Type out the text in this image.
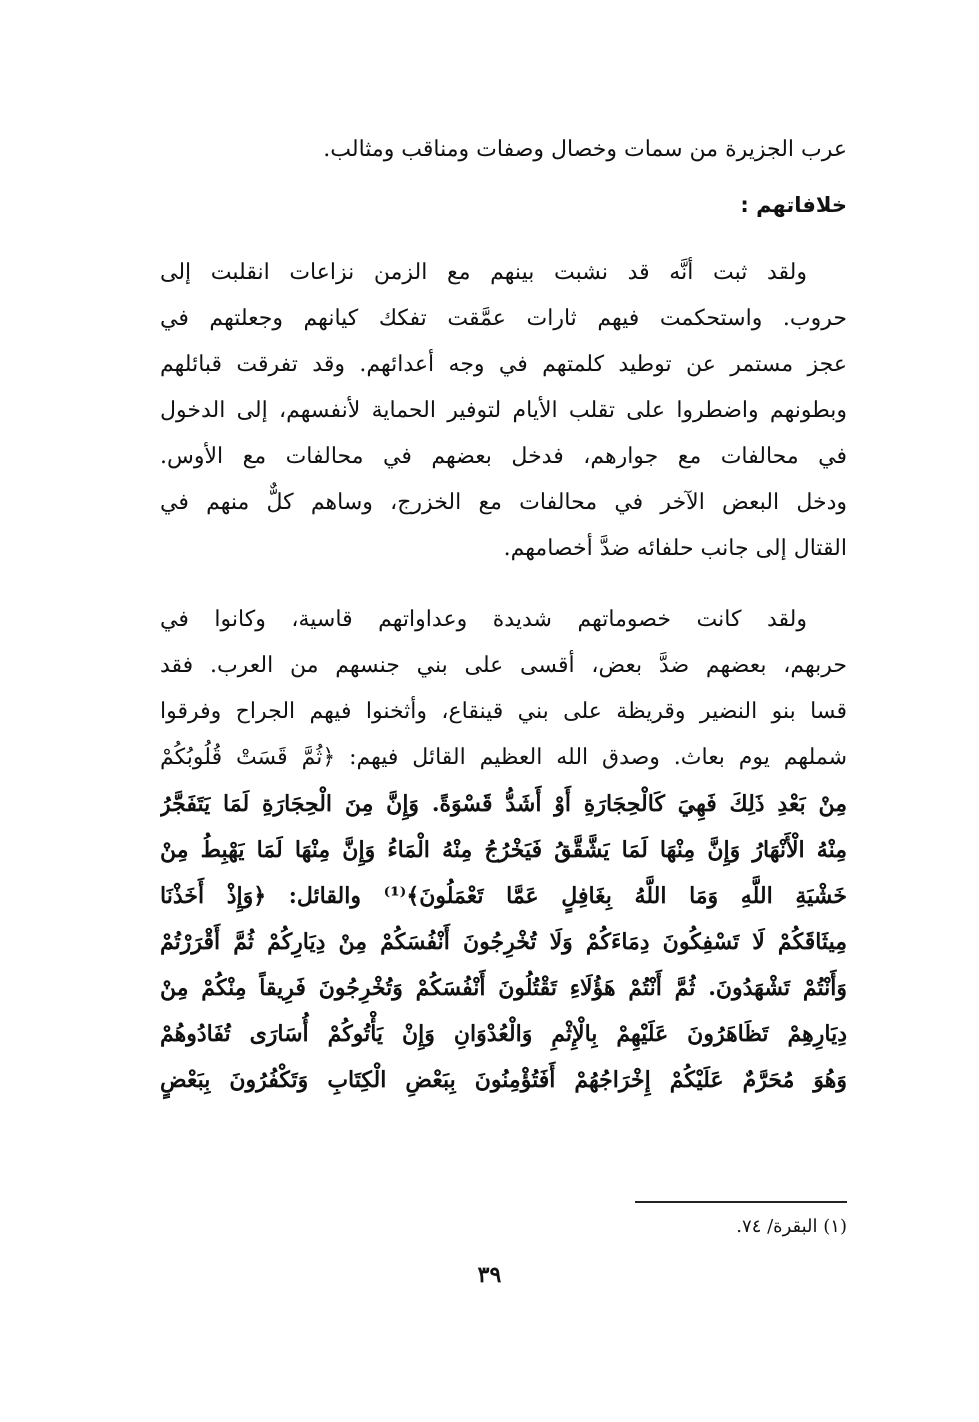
عرب الجزيرة من سمات وخصال وصفات ومناقب ومثالب.
خلافاتهم :
ولقد ثبت أنَّه قد نشبت بينهم مع الزمن نزاعات انقلبت إلى
حروب. واستحكمت فيهم ثارات عمَّقت تفكك كيانهم وجعلتهم في
عجز مستمر عن توطيد كلمتهم في وجه أعدائهم. وقد تفرقت قبائلهم
وبطونهم واضطروا على تقلب الأيام لتوفير الحماية لأنفسهم، إلى الدخول
في محالفات مع جوارهم، فدخل بعضهم في محالفات مع الأوس.
ودخل البعض الآخر في محالفات مع الخزرج، وساهم كلٌّ منهم في
القتال إلى جانب حلفائه ضدَّ أخصامهم.
ولقد كانت خصوماتهم شديدة وعداواتهم قاسية، وكانوا في
حربهم، بعضهم ضدَّ بعض، أقسى على بني جنسهم من العرب. فقد
قسا بنو النضير وقريظة على بني قينقاع، وأثخنوا فيهم الجراح وفرقوا
شملهم يوم بعاث. وصدق الله العظيم القائل فيهم: ﴿ثُمَّ قَسَتْ قُلُوبُكُمْ
مِنْ بَعْدِ ذَلِكَ فَهِيَ كَالْحِجَارَةِ أَوْ أَشَدُّ قَسْوَةً. وَإِنَّ مِنَ الْحِجَارَةِ لَمَا يَتَفَجَّرُ
مِنْهُ الْأَنْهَارُ وَإِنَّ مِنْهَا لَمَا يَشَّقَّقُ فَيَخْرُجُ مِنْهُ الْمَاءُ وَإِنَّ مِنْهَا لَمَا يَهْبِطُ مِنْ
خَشْيَةِ اللَّهِ وَمَا اللَّهُ بِغَافِلٍ عَمَّا تَعْمَلُونَ﴾⁽¹⁾ والقائل: ﴿وَإِذْ أَخَذْنَا
مِيثَاقَكُمْ لَا تَسْفِكُونَ دِمَاءَكُمْ وَلَا تُخْرِجُونَ أَنْفُسَكُمْ مِنْ دِيَارِكُمْ ثُمَّ أَقْرَرْتُمْ
وَأَنْتُمْ تَشْهَدُونَ. ثُمَّ أَنْتُمْ هَؤُلَاءِ تَقْتُلُونَ أَنْفُسَكُمْ وَتُخْرِجُونَ فَرِيقاً مِنْكُمْ مِنْ
دِيَارِهِمْ تَظَاهَرُونَ عَلَيْهِمْ بِالْإِثْمِ وَالْعُدْوَانِ وَإِنْ يَأْتُوكُمْ أُسَارَى تُفَادُوهُمْ
وَهُوَ مُحَرَّمٌ عَلَيْكُمْ إِخْرَاجُهُمْ أَفَتُؤْمِنُونَ بِبَعْضِ الْكِتَابِ وَتَكْفُرُونَ بِبَعْضٍ
(١) البقرة/ ٧٤.
٣٩
